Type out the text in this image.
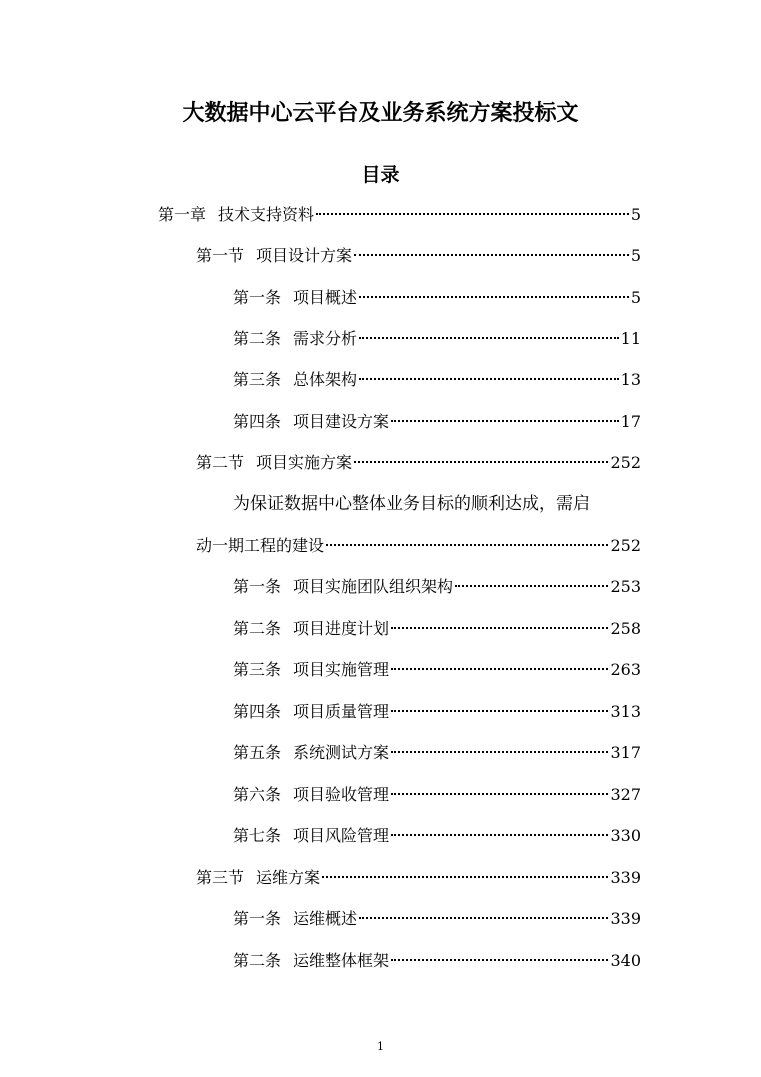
大数据中心云平台及业务系统方案投标文
目录
第一章 技术支持资料	5
第一节 项目设计方案	5
第一条 项目概述	5
第二条 需求分析	11
第三条 总体架构	13
第四条 项目建设方案	17
第二节 项目实施方案	252
为保证数据中心整体业务目标的顺利达成，需启
动一期工程的建设	252
第一条 项目实施团队组织架构	253
第二条 项目进度计划	258
第三条 项目实施管理	263
第四条 项目质量管理	313
第五条 系统测试方案	317
第六条 项目验收管理	327
第七条 项目风险管理	330
第三节 运维方案	339
第一条 运维概述	339
第二条 运维整体框架	340
1
